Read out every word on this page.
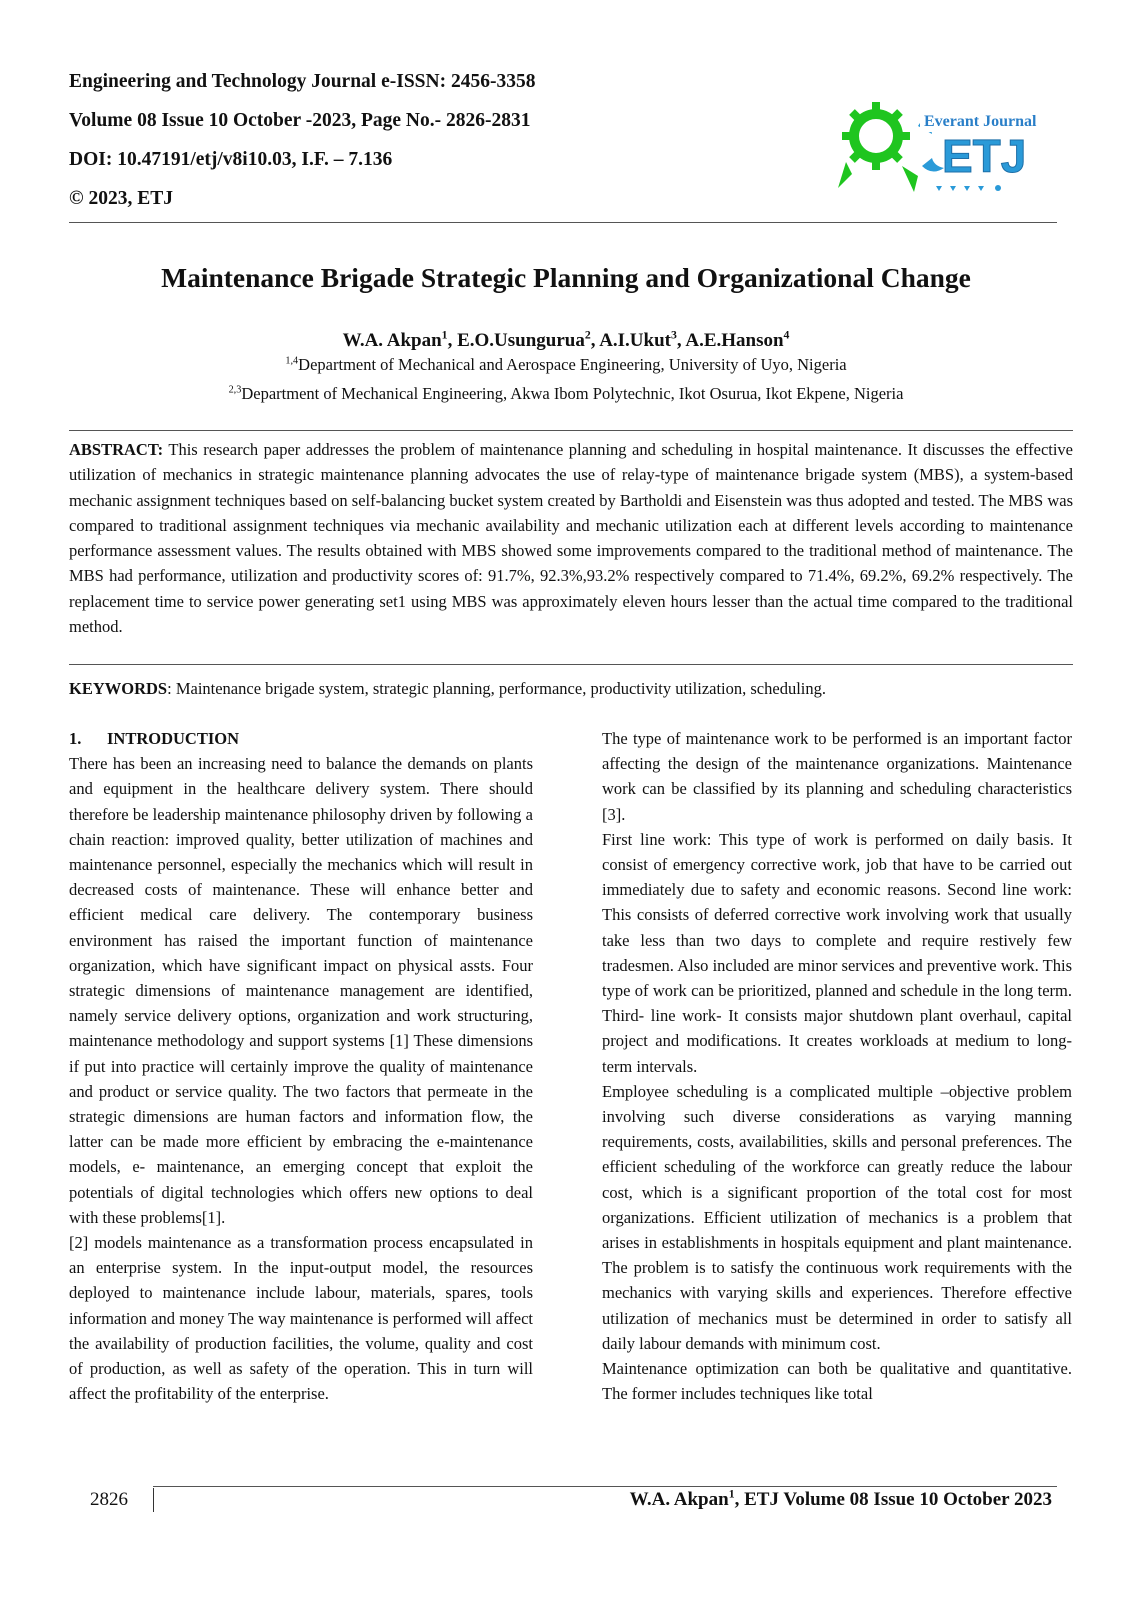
Engineering and Technology Journal e-ISSN: 2456-3358
Volume 08 Issue 10 October -2023, Page No.- 2826-2831
DOI: 10.47191/etj/v8i10.03, I.F. – 7.136
© 2023, ETJ
Everant Journal
ETJ
Maintenance Brigade Strategic Planning and Organizational Change
W.A. Akpan$^1$, E.O.Usungurua$^2$, A.I.Ukut$^3$, A.E.Hanson$^4$
$^{1,4}$Department of Mechanical and Aerospace Engineering, University of Uyo, Nigeria
$^{2,3}$Department of Mechanical Engineering, Akwa Ibom Polytechnic, Ikot Osurua, Ikot Ekpene, Nigeria

ABSTRACT: This research paper addresses the problem of maintenance planning and scheduling in hospital maintenance. It discusses the effective utilization of mechanics in strategic maintenance planning advocates the use of relay-type of maintenance brigade system (MBS), a system-based mechanic assignment techniques based on self-balancing bucket system created by Bartholdi and Eisenstein was thus adopted and tested. The MBS was compared to traditional assignment techniques via mechanic availability and mechanic utilization each at different levels according to maintenance performance assessment values. The results obtained with MBS showed some improvements compared to the traditional method of maintenance. The MBS had performance, utilization and productivity scores of: 91.7%, 92.3%,93.2% respectively compared to 71.4%, 69.2%, 69.2% respectively. The replacement time to service power generating set1 using MBS was approximately eleven hours lesser than the actual time compared to the traditional method.

KEYWORDS: Maintenance brigade system, strategic planning, performance, productivity utilization, scheduling.

1. INTRODUCTION

There has been an increasing need to balance the demands on plants and equipment in the healthcare delivery system. There should therefore be leadership maintenance philosophy driven by following a chain reaction: improved quality, better utilization of machines and maintenance personnel, especially the mechanics which will result in decreased costs of maintenance. These will enhance better and efficient medical care delivery. The contemporary business environment has raised the important function of maintenance organization, which have significant impact on physical assts. Four strategic dimensions of maintenance management are identified, namely service delivery options, organization and work structuring, maintenance methodology and support systems [1] These dimensions if put into practice will certainly improve the quality of maintenance and product or service quality. The two factors that permeate in the strategic dimensions are human factors and information flow, the latter can be made more efficient by embracing the e-maintenance models, e- maintenance, an emerging concept that exploit the potentials of digital technologies which offers new options to deal with these problems[1].

[2] models maintenance as a transformation process encapsulated in an enterprise system. In the input-output model, the resources deployed to maintenance include labour, materials, spares, tools information and money The way maintenance is performed will affect the availability of production facilities, the volume, quality and cost of production, as well as safety of the operation. This in turn will affect the profitability of the enterprise.

The type of maintenance work to be performed is an important factor affecting the design of the maintenance organizations. Maintenance work can be classified by its planning and scheduling characteristics [3].

First line work: This type of work is performed on daily basis. It consist of emergency corrective work, job that have to be carried out immediately due to safety and economic reasons. Second line work: This consists of deferred corrective work involving work that usually take less than two days to complete and require restively few tradesmen. Also included are minor services and preventive work. This type of work can be prioritized, planned and schedule in the long term. Third- line work- It consists major shutdown plant overhaul, capital project and modifications. It creates workloads at medium to long-term intervals.

Employee scheduling is a complicated multiple –objective problem involving such diverse considerations as varying manning requirements, costs, availabilities, skills and personal preferences. The efficient scheduling of the workforce can greatly reduce the labour cost, which is a significant proportion of the total cost for most organizations. Efficient utilization of mechanics is a problem that arises in establishments in hospitals equipment and plant maintenance. The problem is to satisfy the continuous work requirements with the mechanics with varying skills and experiences. Therefore effective utilization of mechanics must be determined in order to satisfy all daily labour demands with minimum cost.

Maintenance optimization can both be qualitative and quantitative. The former includes techniques like total

2826	W.A. Akpan$^1$, ETJ Volume 08 Issue 10 October 2023
